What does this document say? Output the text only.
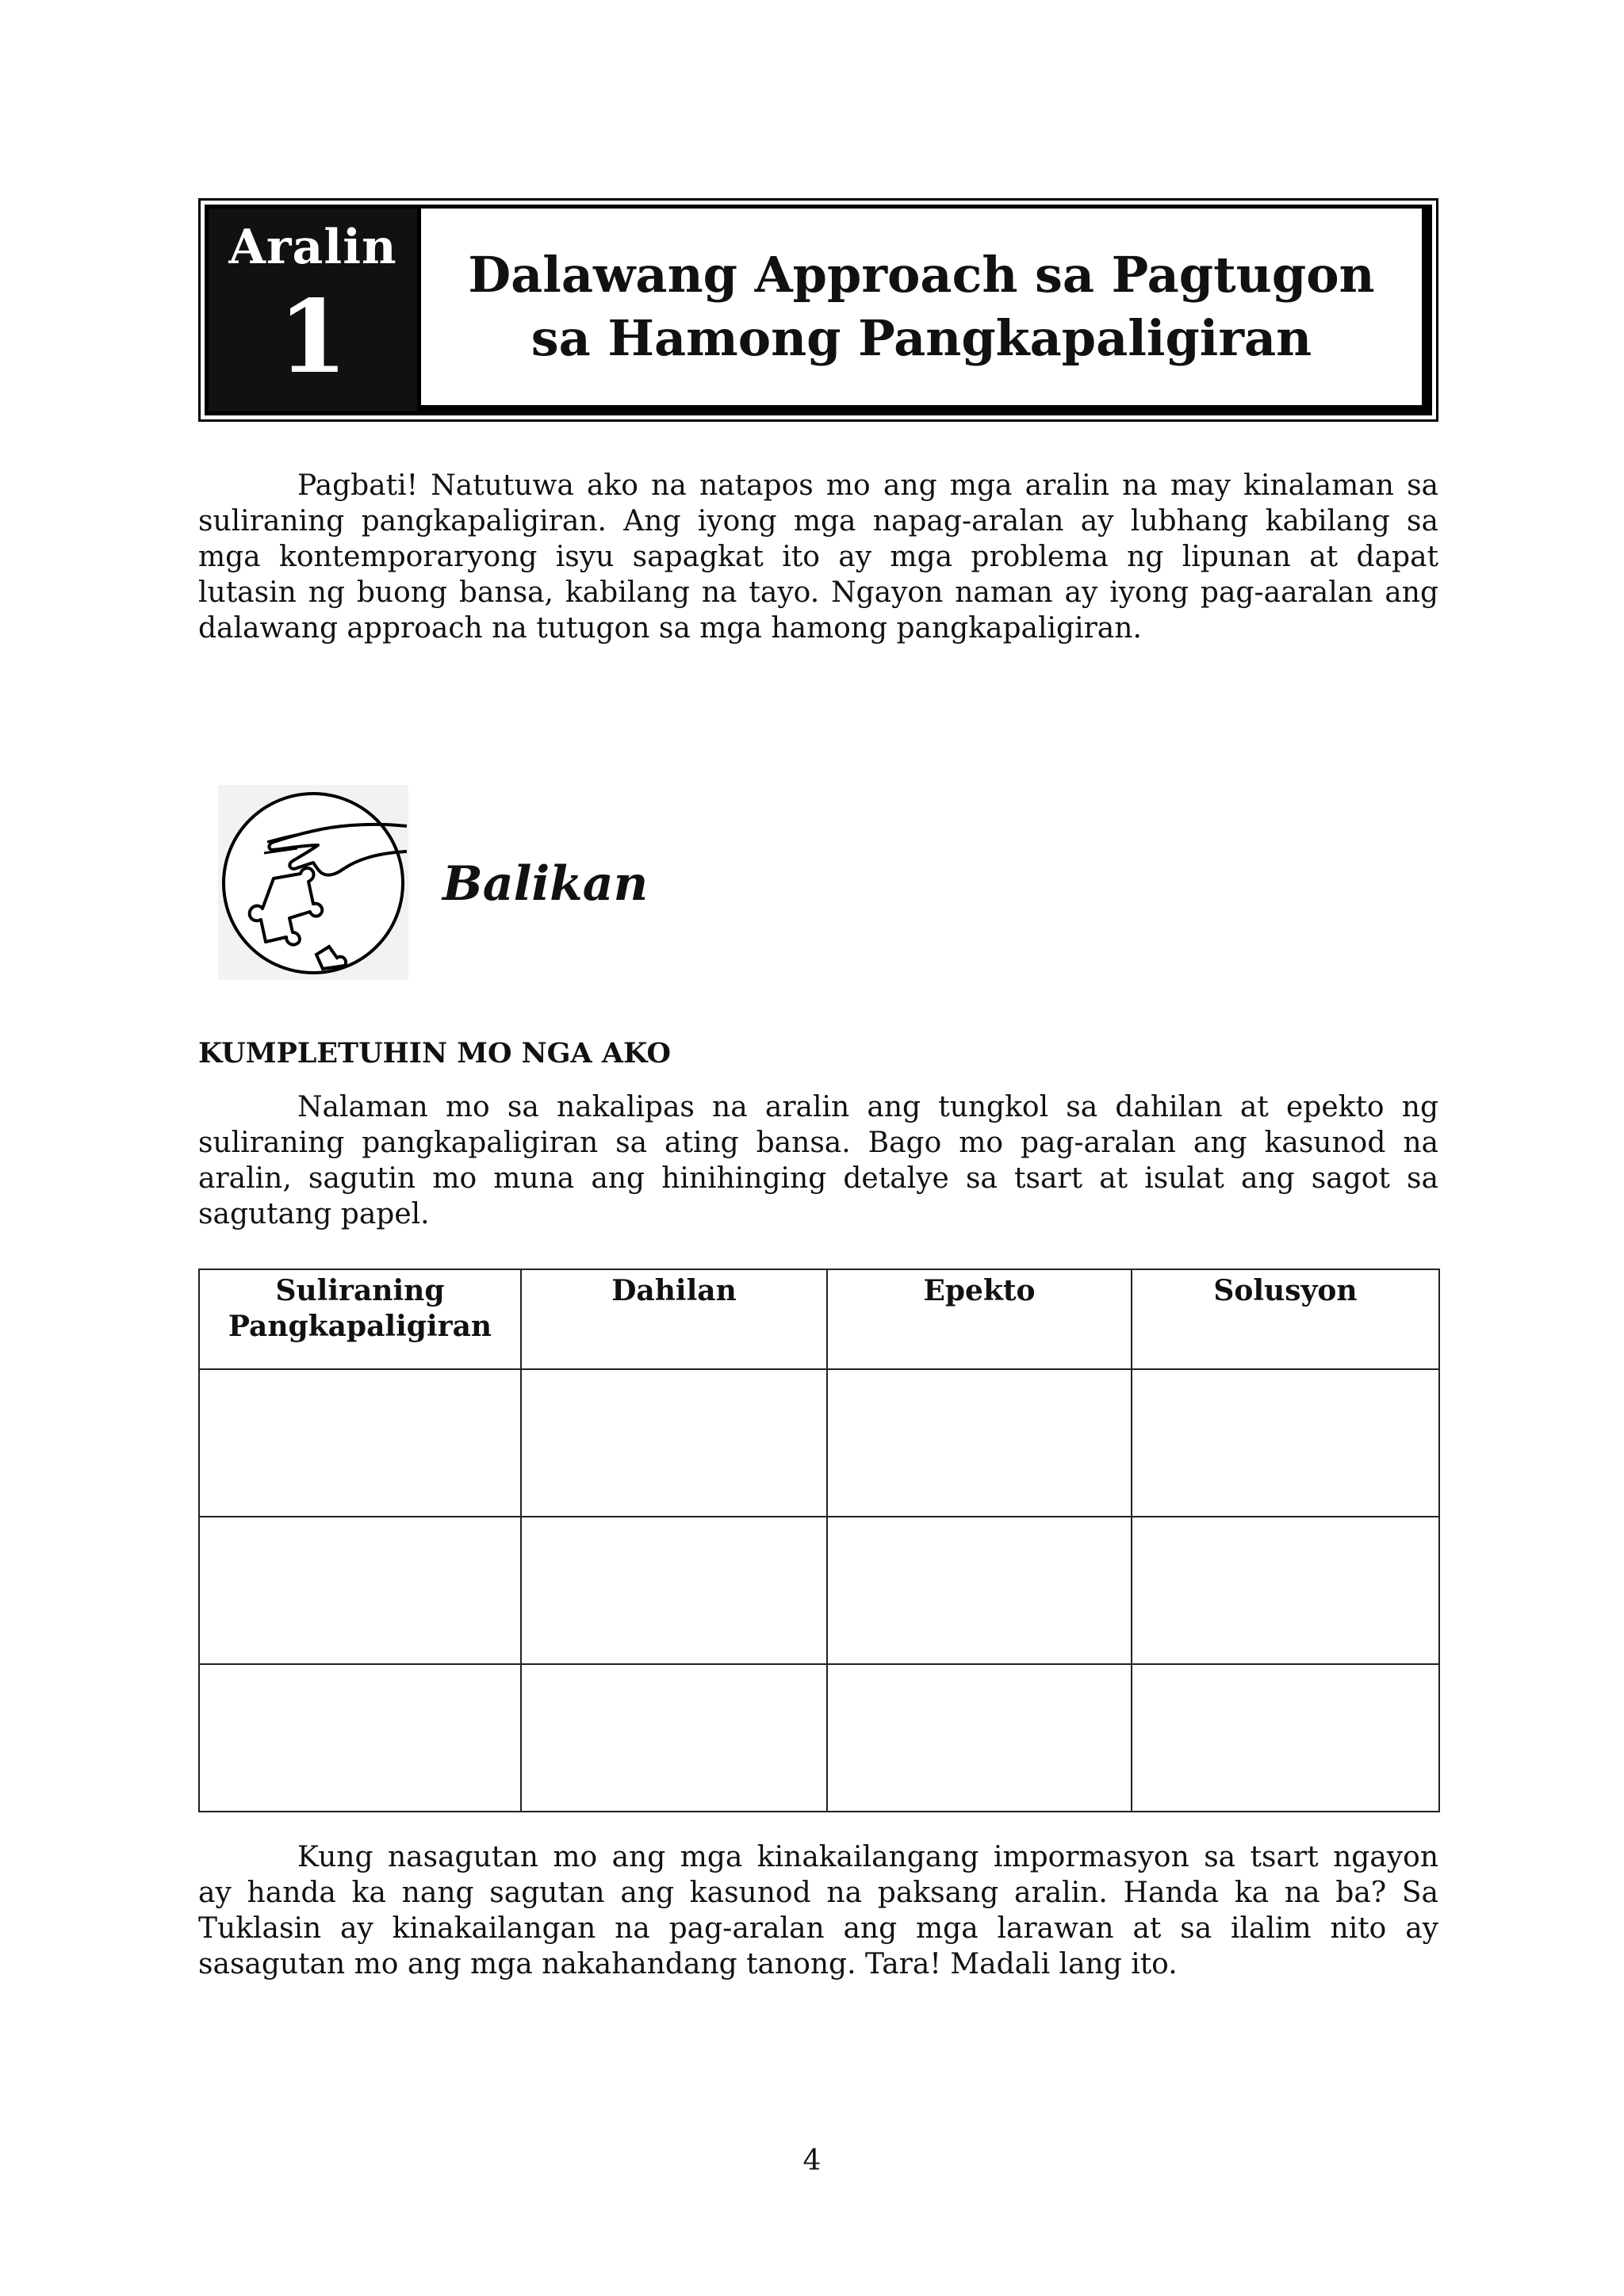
Aralin
1
Dalawang Approach sa Pagtugon
sa Hamong Pangkapaligiran
Pagbati! Natutuwa ako na natapos mo ang mga aralin na may kinalaman sa
suliraning pangkapaligiran. Ang iyong mga napag-aralan ay lubhang kabilang sa
mga kontemporaryong isyu sapagkat ito ay mga problema ng lipunan at dapat
lutasin ng buong bansa, kabilang na tayo. Ngayon naman ay iyong pag-aaralan ang
dalawang approach na tutugon sa mga hamong pangkapaligiran.
Balikan
KUMPLETUHIN MO NGA AKO
Nalaman mo sa nakalipas na aralin ang tungkol sa dahilan at epekto ng
suliraning pangkapaligiran sa ating bansa. Bago mo pag-aralan ang kasunod na
aralin, sagutin mo muna ang hinihinging detalye sa tsart at isulat ang sagot sa
sagutang papel.
Suliraning
Pangkapaligiran	Dahilan	Epekto	Solusyon

Kung nasagutan mo ang mga kinakailangang impormasyon sa tsart ngayon
ay handa ka nang sagutan ang kasunod na paksang aralin. Handa ka na ba? Sa
Tuklasin ay kinakailangan na pag-aralan ang mga larawan at sa ilalim nito ay
sasagutan mo ang mga nakahandang tanong. Tara! Madali lang ito.
4
